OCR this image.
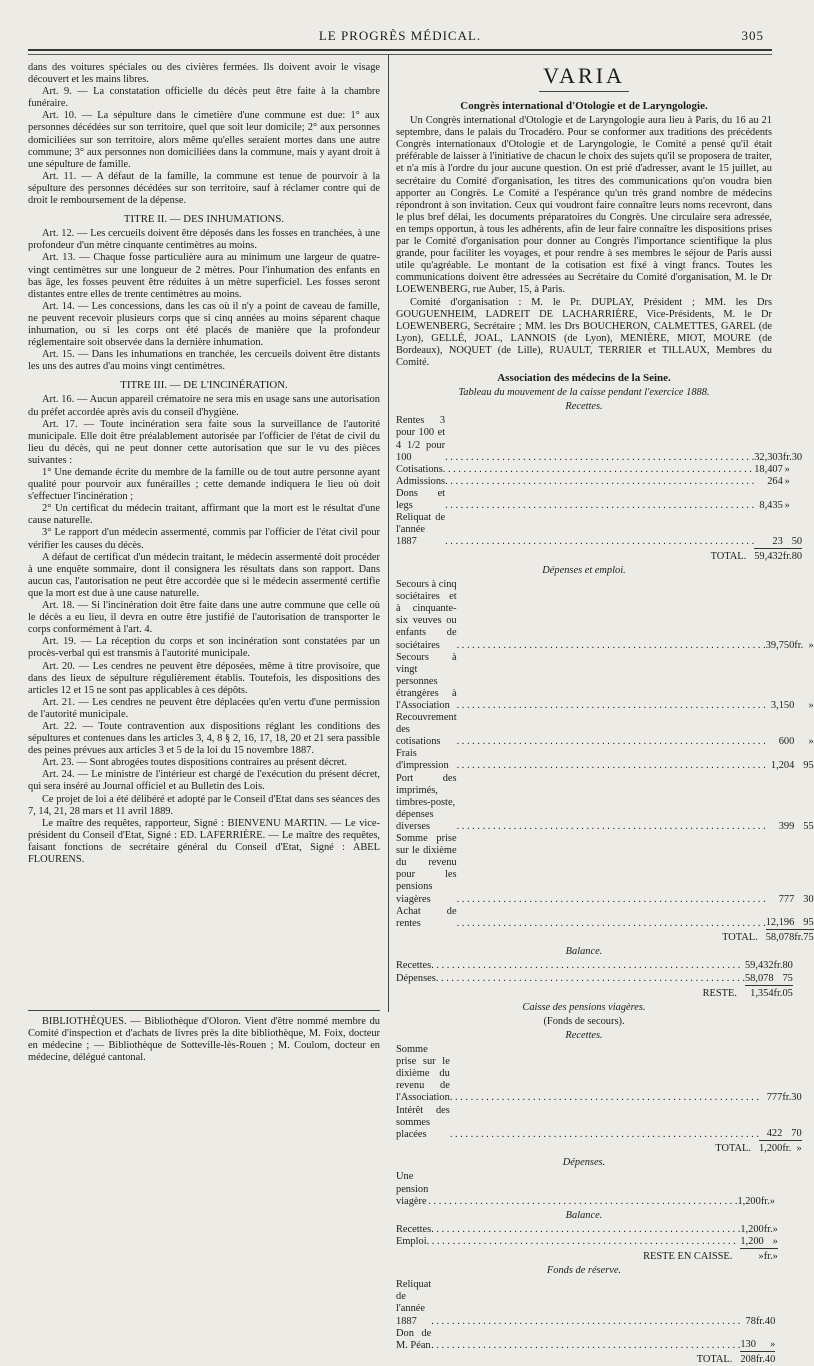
LE PROGRÈS MÉDICAL.	305

dans des voitures spéciales ou des civières fermées. Ils doivent avoir le visage découvert et les mains libres.

Art. 9. — La constatation officielle du décès peut être faite à la chambre funéraire.

Art. 10. — La sépulture dans le cimetière d'une commune est due: 1° aux personnes décédées sur son territoire, quel que soit leur domicile; 2° aux personnes domiciliées sur son territoire, alors même qu'elles seraient mortes dans une autre commune; 3° aux personnes non domiciliées dans la commune, mais y ayant droit à une sépulture de famille.

Art. 11. — A défaut de la famille, la commune est tenue de pourvoir à la sépulture des personnes décédées sur son territoire, sauf à réclamer contre qui de droit le remboursement de la dépense.

TITRE II. — DES INHUMATIONS.

Art. 12. — Les cercueils doivent être déposés dans les fosses en tranchées, à une profondeur d'un mètre cinquante centimètres au moins.

Art. 13. — Chaque fosse particulière aura au minimum une largeur de quatre-vingt centimètres sur une longueur de 2 mètres. Pour l'inhumation des enfants en bas âge, les fosses peuvent être réduites à un mètre superficiel. Les fosses seront distantes entre elles de trente centimètres au moins.

Art. 14. — Les concessions, dans les cas où il n'y a point de caveau de famille, ne peuvent recevoir plusieurs corps que si cinq années au moins séparent chaque inhumation, ou si les corps ont été placés de manière que la profondeur réglementaire soit observée dans la dernière inhumation.

Art. 15. — Dans les inhumations en tranchée, les cercueils doivent être distants les uns des autres d'au moins vingt centimètres.

TITRE III. — DE L'INCINÉRATION.

Art. 16. — Aucun appareil crématoire ne sera mis en usage sans une autorisation du préfet accordée après avis du conseil d'hygiène.

Art. 17. — Toute incinération sera faite sous la surveillance de l'autorité municipale. Elle doit être préalablement autorisée par l'officier de l'état de civil du lieu du décès, qui ne peut donner cette autorisation que sur le vu des pièces suivantes :

1° Une demande écrite du membre de la famille ou de tout autre personne ayant qualité pour pourvoir aux funérailles ; cette demande indiquera le lieu où doit s'effectuer l'incinération ;

2° Un certificat du médecin traitant, affirmant que la mort est le résultat d'une cause naturelle.

3° Le rapport d'un médecin assermenté, commis par l'officier de l'état civil pour vérifier les causes du décès.

A défaut de certificat d'un médecin traitant, le médecin assermenté doit procéder à une enquête sommaire, dont il consignera les résultats dans son rapport. Dans aucun cas, l'autorisation ne peut être accordée que si le médecin assermenté certifie que la mort est due à une cause naturelle.

Art. 18. — Si l'incinération doit être faite dans une autre commune que celle où le décès a eu lieu, il devra en outre être justifié de l'autorisation de transporter le corps conformément à l'art. 4.

Art. 19. — La réception du corps et son incinération sont constatées par un procès-verbal qui est transmis à l'autorité municipale.

Art. 20. — Les cendres ne peuvent être déposées, même à titre provisoire, que dans des lieux de sépulture régulièrement établis. Toutefois, les dispositions des articles 12 et 15 ne sont pas applicables à ces dépôts.

Art. 21. — Les cendres ne peuvent être déplacées qu'en vertu d'une permission de l'autorité municipale.

Art. 22. — Toute contravention aux dispositions réglant les conditions des sépultures et contenues dans les articles 3, 4, 8 § 2, 16, 17, 18, 20 et 21 sera passible des peines prévues aux articles 3 et 5 de la loi du 15 novembre 1887.

Art. 23. — Sont abrogées toutes dispositions contraires au présent décret.

Art. 24. — Le ministre de l'intérieur est chargé de l'exécution du présent décret, qui sera inséré au Journal officiel et au Bulletin des Lois.

Ce projet de loi a été délibéré et adopté par le Conseil d'Etat dans ses séances des 7, 14, 21, 28 mars et 11 avril 1889.

Le maître des requêtes, rapporteur, Signé : BIENVENU MARTIN. — Le vice-président du Conseil d'Etat, Signé : ED. LAFERRIÈRE. — Le maître des requêtes, faisant fonctions de secrétaire général du Conseil d'Etat, Signé : ABEL FLOURENS.

BIBLIOTHÈQUES. — Bibliothèque d'Oloron. Vient d'être nommé membre du Comité d'inspection et d'achats de livres près la dite bibliothèque, M. Foix, docteur en médecine ; — Bibliothèque de Sotteville-lès-Rouen ; M. Coulom, docteur en médecine, délégué cantonal.

VARIA
Congrès international d'Otologie et de Laryngologie.

Un Congrès international d'Otologie et de Laryngologie aura lieu à Paris, du 16 au 21 septembre, dans le palais du Trocadéro. Pour se conformer aux traditions des précédents Congrès internationaux d'Otologie et de Laryngologie, le Comité a pensé qu'il était préférable de laisser à l'initiative de chacun le choix des sujets qu'il se proposera de traiter, et n'a mis à l'ordre du jour aucune question. On est prié d'adresser, avant le 15 juillet, au secrétaire du Comité d'organisation, les titres des communications qu'on voudra bien apporter au Congrès. Le Comité a l'espérance qu'un très grand nombre de médecins répondront à son invitation. Ceux qui voudront faire connaître leurs noms recevront, dans le plus bref délai, les documents préparatoires du Congrès. Une circulaire sera adressée, en temps opportun, à tous les adhérents, afin de leur faire connaître les dispositions prises par le Comité d'organisation pour donner au Congrès l'importance scientifique la plus grande, pour faciliter les voyages, et pour rendre à ses membres le séjour de Paris aussi utile qu'agréable. Le montant de la cotisation est fixé à vingt francs. Toutes les communications doivent être adressées au Secrétaire du Comité d'organisation, M. le Dr LOEWENBERG, rue Auber, 15, à Paris.

Comité d'organisation : M. le Pr. DUPLAY, Président ; MM. les Drs GOUGUENHEIM, LADREIT DE LACHARRIÈRE, Vice-Présidents, M. le Dr LOEWENBERG, Secrétaire ; MM. les Drs BOUCHERON, CALMETTES, GAREL (de Lyon), GELLÉ, JOAL, LANNOIS (de Lyon), MENIÈRE, MIOT, MOURE (de Bordeaux), NOQUET (de Lille), RUAULT, TERRIER et TILLAUX, Membres du Comité.

Association des médecins de la Seine.
Tableau du mouvement de la caisse pendant l'exercice 1888.
Recettes.
Rentes 3 pour 100 et 4 1/2 pour 100
. . .	32,303	fr.	30

Cotisations
. . .	18,407	»	

Admissions
. . .	264	»	

Dons et legs
. . .	8,435	»	

Reliquat de l'année 1887
. . .	23		50
TOTAL.	59,432	fr.	80
Dépenses et emploi.
Secours à cinq sociétaires et à cinquante-six veuves ou enfants de sociétaires
. . .	39,750	fr.	»

Secours à vingt personnes étrangères à l'Association
. . .	3,150		»

Recouvrement des cotisations
. . .	600		»

Frais d'impression
. . .	1,204		95

Port des imprimés, timbres-poste, dépenses diverses
. . .	399		55

Somme prise sur le dixième du revenu pour les pensions viagères
. . .	777		30

Achat de rentes
. . .	12,196		95
TOTAL.	58,078	fr.	75
Balance.
Recettes
. . .	59,432	fr.	80

Dépenses
. . .	58,078		75
RESTE.	1,354	fr.	05
Caisse des pensions viagères.
(Fonds de secours).
Recettes.
Somme prise sur le dixième du revenu de l'Association
. . .	777	fr.	30

Intérêt des sommes placées
. . .	422		70
TOTAL.	1,200	fr.	»
Dépenses.
Une pension viagère
. . .	1,200	fr.	»
Balance.
Recettes
. . .	1,200	fr.	»

Emploi
. . .	1,200		»
RESTE EN CAISSE.	»	fr.	»
Fonds de réserve.
Reliquat de l'année 1887
. . .	78	fr.	40

Don de M. Péan
. . .	130		»
TOTAL.	208	fr.	40
